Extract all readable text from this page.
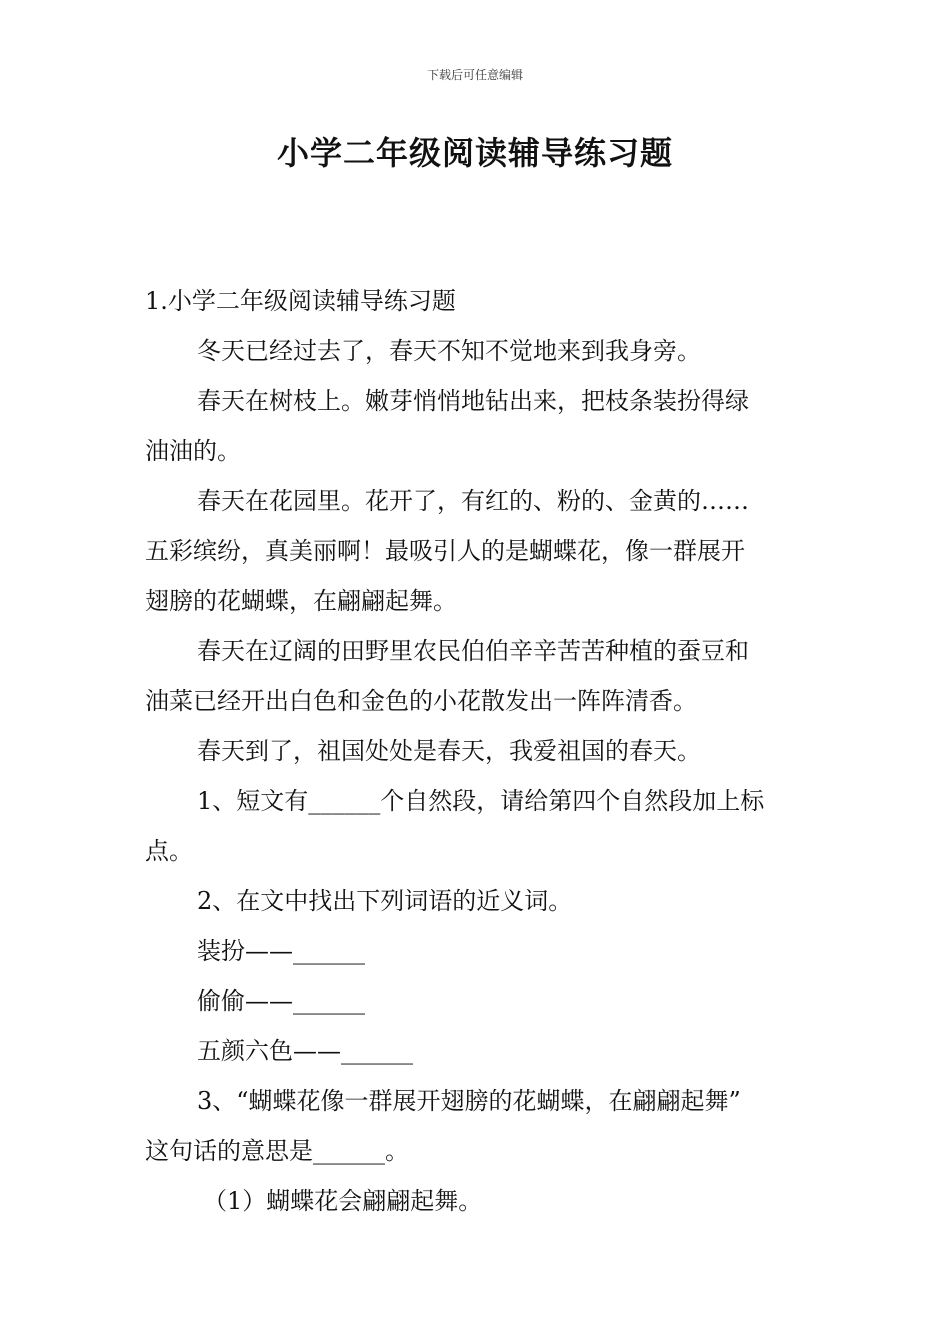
下载后可任意编辑
小学二年级阅读辅导练习题
1.小学二年级阅读辅导练习题
冬天已经过去了，春天不知不觉地来到我身旁。
春天在树枝上。嫩芽悄悄地钻出来，把枝条装扮得绿
油油的。
春天在花园里。花开了，有红的、粉的、金黄的……
五彩缤纷，真美丽啊！最吸引人的是蝴蝶花，像一群展开
翅膀的花蝴蝶，在翩翩起舞。
春天在辽阔的田野里农民伯伯辛辛苦苦种植的蚕豆和
油菜已经开出白色和金色的小花散发出一阵阵清香。
春天到了，祖国处处是春天，我爱祖国的春天。
1、短文有______个自然段，请给第四个自然段加上标
点。
2、在文中找出下列词语的近义词。
装扮——______
偷偷——______
五颜六色——______
3、“蝴蝶花像一群展开翅膀的花蝴蝶，在翩翩起舞”
这句话的意思是______。
（1）蝴蝶花会翩翩起舞。
